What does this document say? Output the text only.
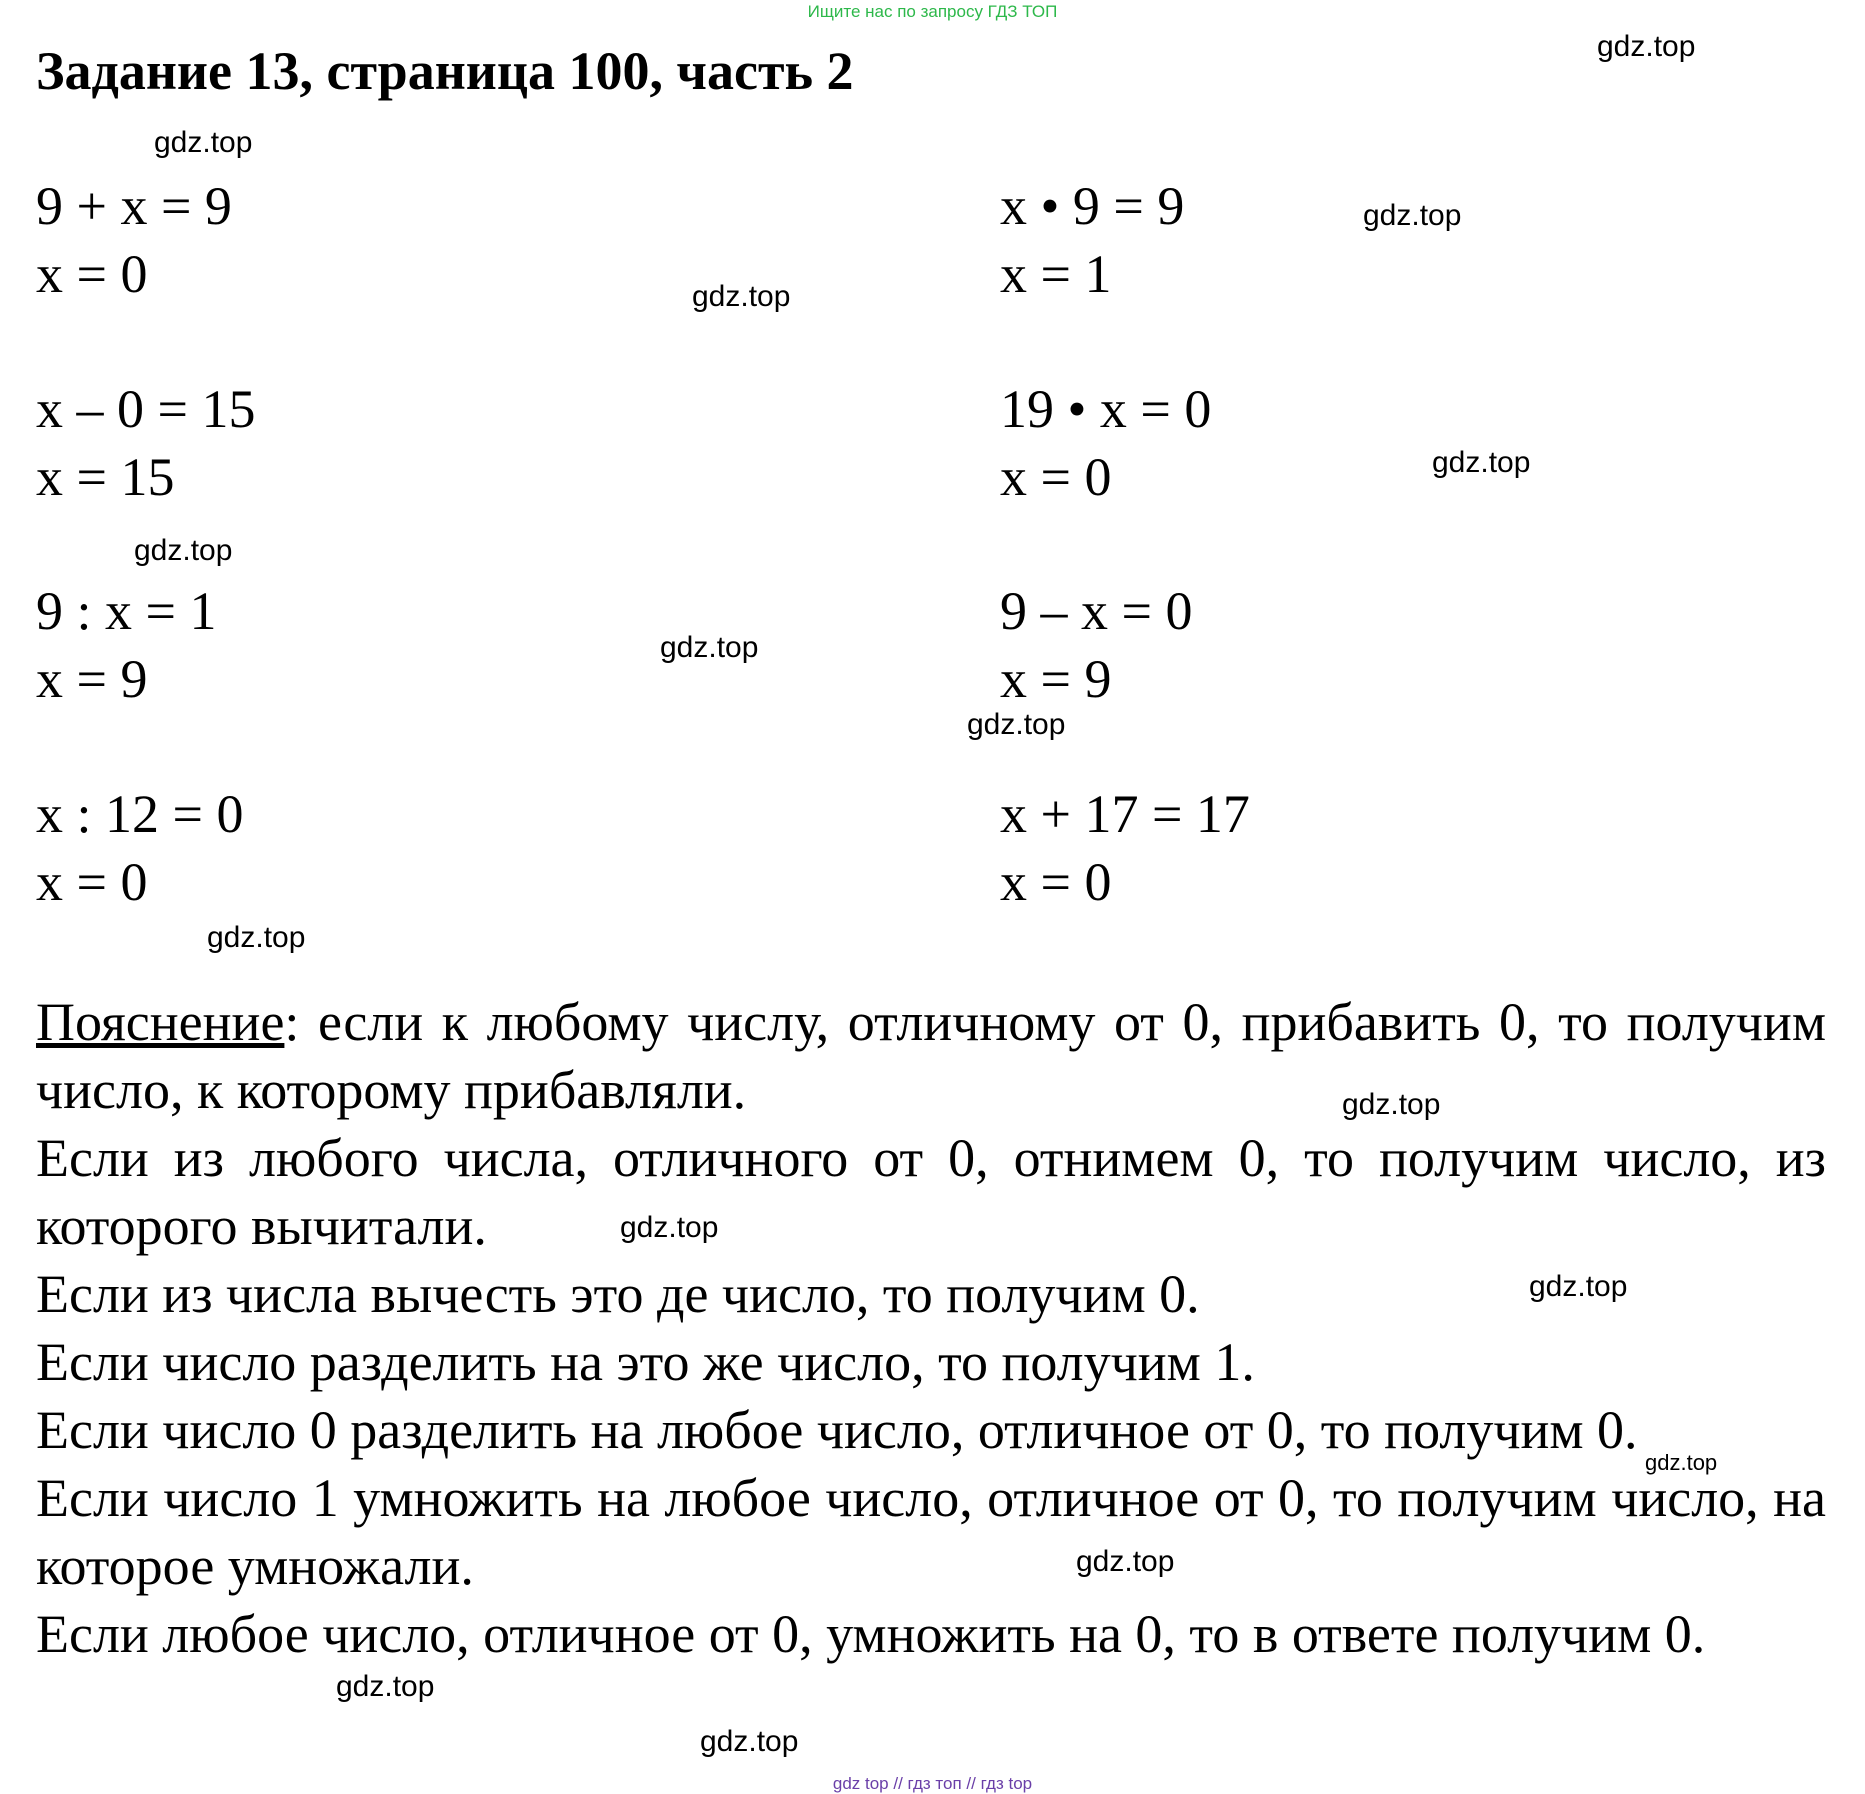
Ищите нас по запросу ГДЗ ТОП
Задание 13, страница 100, часть 2
9 + x = 9
x = 0
x – 0 = 15
x = 15
9 : x = 1
x = 9
x : 12 = 0
x = 0
x • 9 = 9
x = 1
19 • x = 0
x = 0
9 – x = 0
x = 9
x + 17 = 17
x = 0

Пояснение: если к любому числу, отличному от 0, прибавить 0, то получим число, к которому прибавляли.

Если из любого числа, отличного от 0, отнимем 0, то получим число, из которого вычитали.

Если из числа вычесть это де число, то получим 0.

Если число разделить на это же число, то получим 1.

Если число 0 разделить на любое число, отличное от 0, то получим 0.

Если число 1 умножить на любое число, отличное от 0, то получим число, на которое умножали.

Если любое число, отличное от 0, умножить на 0, то в ответе получим 0.

gdz.top
gdz.top
gdz.top
gdz.top
gdz.top
gdz.top
gdz.top
gdz.top
gdz.top
gdz.top
gdz.top
gdz.top
gdz.top
gdz.top
gdz.top
gdz.top
gdz top // гдз топ // гдз top
